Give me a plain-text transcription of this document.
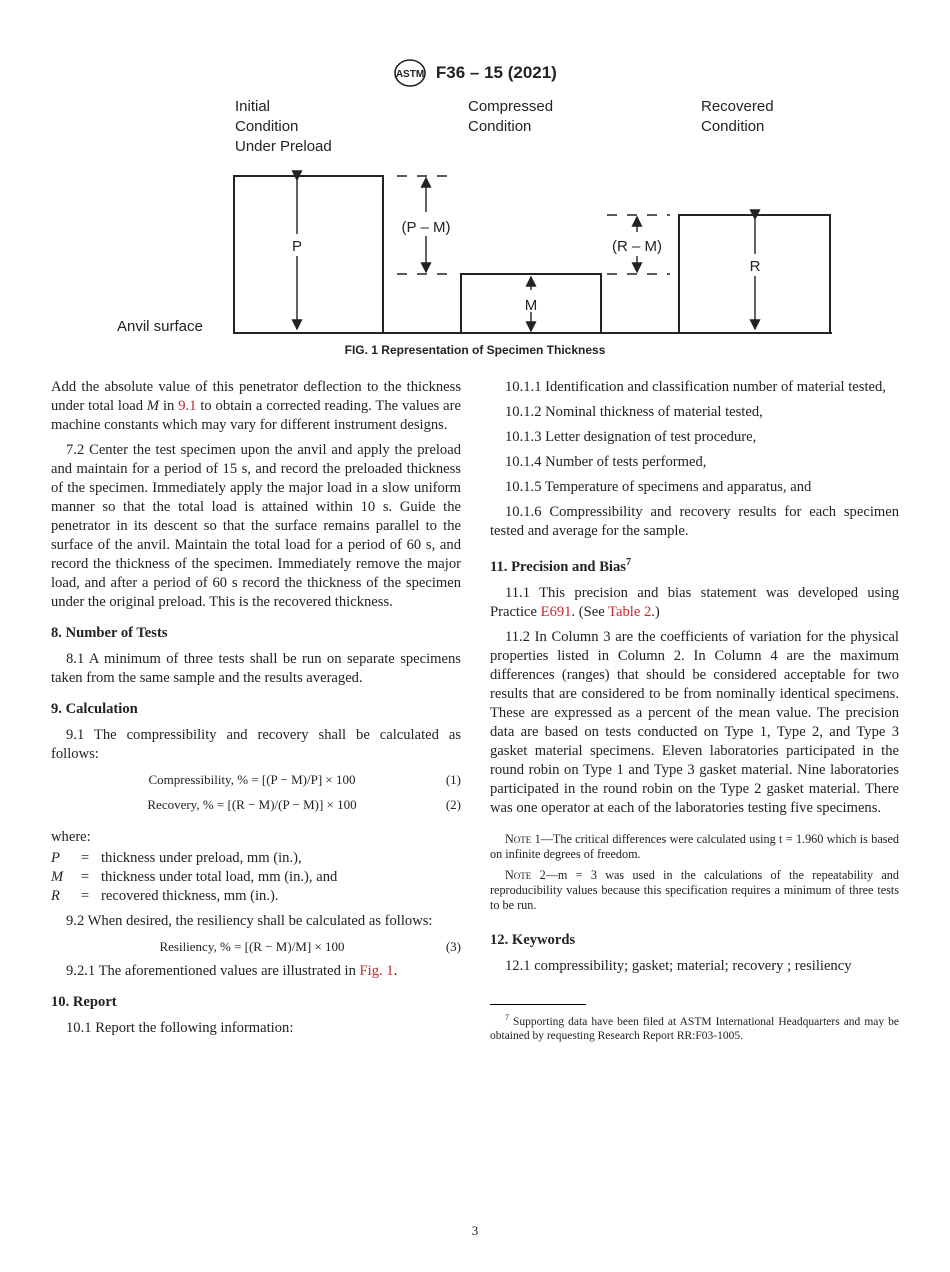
ASTM F36 – 15 (2021)
Initial
Condition
Under Preload
Compressed
Condition
Recovered
Condition
Anvil surface
P
(P – M)
M
(R – M)
R
FIG. 1 Representation of Specimen Thickness

Add the absolute value of this penetrator deflection to the thickness under total load M in 9.1 to obtain a corrected reading. The values are machine constants which may vary for different instrument designs.

7.2 Center the test specimen upon the anvil and apply the preload and maintain for a period of 15 s, and record the preloaded thickness of the specimen. Immediately apply the major load in a slow uniform manner so that the total load is attained within 10 s. Guide the penetrator in its descent so that the surface remains parallel to the surface of the anvil. Maintain the total load for a period of 60 s, and record the thickness of the specimen. Immediately remove the major load, and after a period of 60 s record the thickness of the specimen under the original preload. This is the recovered thickness.

8. Number of Tests

8.1 A minimum of three tests shall be run on separate specimens taken from the same sample and the results averaged.

9. Calculation

9.1 The compressibility and recovery shall be calculated as follows:

Compressibility, % = [(P − M)/P] × 100	(1)
Recovery, % = [(R − M)/(P − M)] × 100	(2)

where:

P	= thickness under preload, mm (in.),
M	= thickness under total load, mm (in.), and
R	= recovered thickness, mm (in.).

9.2 When desired, the resiliency shall be calculated as follows:

Resiliency, % = [(R − M)/M] × 100	(3)

9.2.1 The aforementioned values are illustrated in Fig. 1.

10. Report

10.1 Report the following information:

10.1.1 Identification and classification number of material tested,

10.1.2 Nominal thickness of material tested,

10.1.3 Letter designation of test procedure,

10.1.4 Number of tests performed,

10.1.5 Temperature of specimens and apparatus, and

10.1.6 Compressibility and recovery results for each specimen tested and average for the sample.

11. Precision and Bias$^7$

11.1 This precision and bias statement was developed using Practice E691. (See Table 2.)

11.2 In Column 3 are the coefficients of variation for the physical properties listed in Column 2. In Column 4 are the maximum differences (ranges) that should be considered acceptable for two results that are considered to be from nominally identical specimens. These are expressed as a percent of the mean value. The precision data are based on tests conducted on Type 1, Type 2, and Type 3 gasket material specimens. Eleven laboratories participated in the round robin on Type 1 and Type 3 gasket material. Nine laboratories participated in the round robin on the Type 2 gasket material. There was one operator at each of the laboratories testing five specimens.

Note 1—The critical differences were calculated using t = 1.960 which is based on infinite degrees of freedom.

Note 2—m = 3 was used in the calculations of the repeatability and reproducibility values because this specification requires a minimum of three tests to be run.

12. Keywords

12.1 compressibility; gasket; material; recovery ; resiliency

$^7$ Supporting data have been filed at ASTM International Headquarters and may be obtained by requesting Research Report RR:F03-1005.

3
